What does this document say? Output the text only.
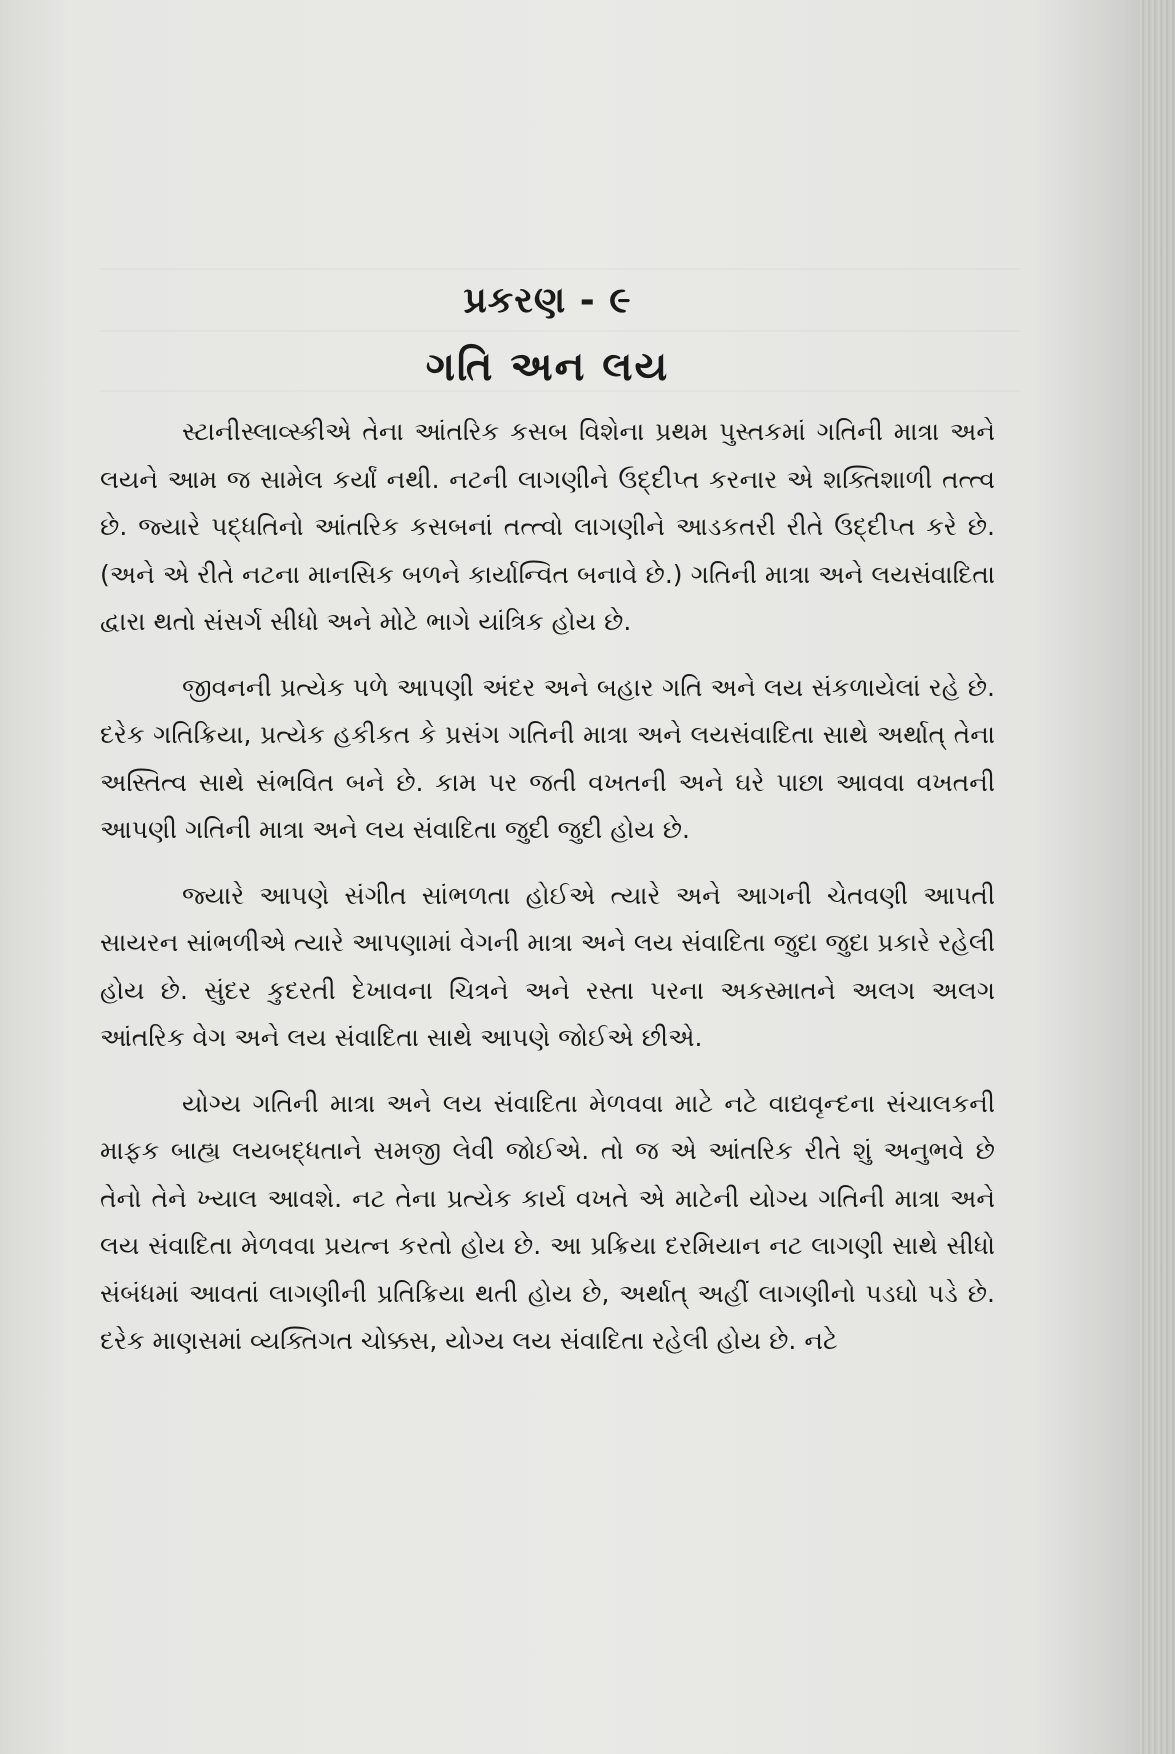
પ્રકરણ - ૯
ગતિ અન લય

સ્ટાનીસ્લાવ્સ્કીએ તેના આંતરિક કસબ વિશેના પ્રથમ પુસ્તકમાં ગતિની માત્રા અને લયને આમ જ સામેલ કર્યાં નથી. નટની લાગણીને ઉદ્દીપ્ત કરનાર એ શક્તિશાળી તત્ત્વ છે. જ્યારે પદ્ધતિનો આંતરિક કસબનાં તત્ત્વો લાગણીને આડકતરી રીતે ઉદ્દીપ્ત કરે છે. (અને એ રીતે નટના માનસિક બળને કાર્યાન્વિત બનાવે છે.) ગતિની માત્રા અને લયસંવાદિતા દ્વારા થતો સંસર્ગ સીધો અને મોટે ભાગે યાંત્રિક હોય છે.

જીવનની પ્રત્યેક પળે આપણી અંદર અને બહાર ગતિ અને લય સંકળાયેલાં રહે છે. દરેક ગતિક્રિયા, પ્રત્યેક હકીકત કે પ્રસંગ ગતિની માત્રા અને લયસંવાદિતા સાથે અર્થાત્ તેના અસ્તિત્વ સાથે સંભવિત બને છે. કામ પર જતી વખતની અને ઘરે પાછા આવવા વખતની આપણી ગતિની માત્રા અને લય સંવાદિતા જુદી જુદી હોય છે.

જ્યારે આપણે સંગીત સાંભળતા હોઈએ ત્યારે અને આગની ચેતવણી આપતી સાયરન સાંભળીએ ત્યારે આપણામાં વેગની માત્રા અને લય સંવાદિતા જુદા જુદા પ્રકારે રહેલી હોય છે. સુંદર કુદરતી દેખાવના ચિત્રને અને રસ્તા પરના અકસ્માતને અલગ અલગ આંતરિક વેગ અને લય સંવાદિતા સાથે આપણે જોઈએ છીએ.

યોગ્ય ગતિની માત્રા અને લય સંવાદિતા મેળવવા માટે નટે વાદ્યવૃન્દના સંચાલકની માફક બાહ્ય લયબદ્ધતાને સમજી લેવી જોઈએ. તો જ એ આંતરિક રીતે શું અનુભવે છે તેનો તેને ખ્યાલ આવશે. નટ તેના પ્રત્યેક કાર્ય વખતે એ માટેની યોગ્ય ગતિની માત્રા અને લય સંવાદિતા મેળવવા પ્રયત્ન કરતો હોય છે. આ પ્રક્રિયા દરમિયાન નટ લાગણી સાથે સીધો સંબંધમાં આવતાં લાગણીની પ્રતિક્રિયા થતી હોય છે, અર્થાત્ અહીં લાગણીનો પડઘો પડે છે. દરેક માણસમાં વ્યક્તિગત ચોક્કસ, યોગ્ય લય સંવાદિતા રહેલી હોય છે. નટે
